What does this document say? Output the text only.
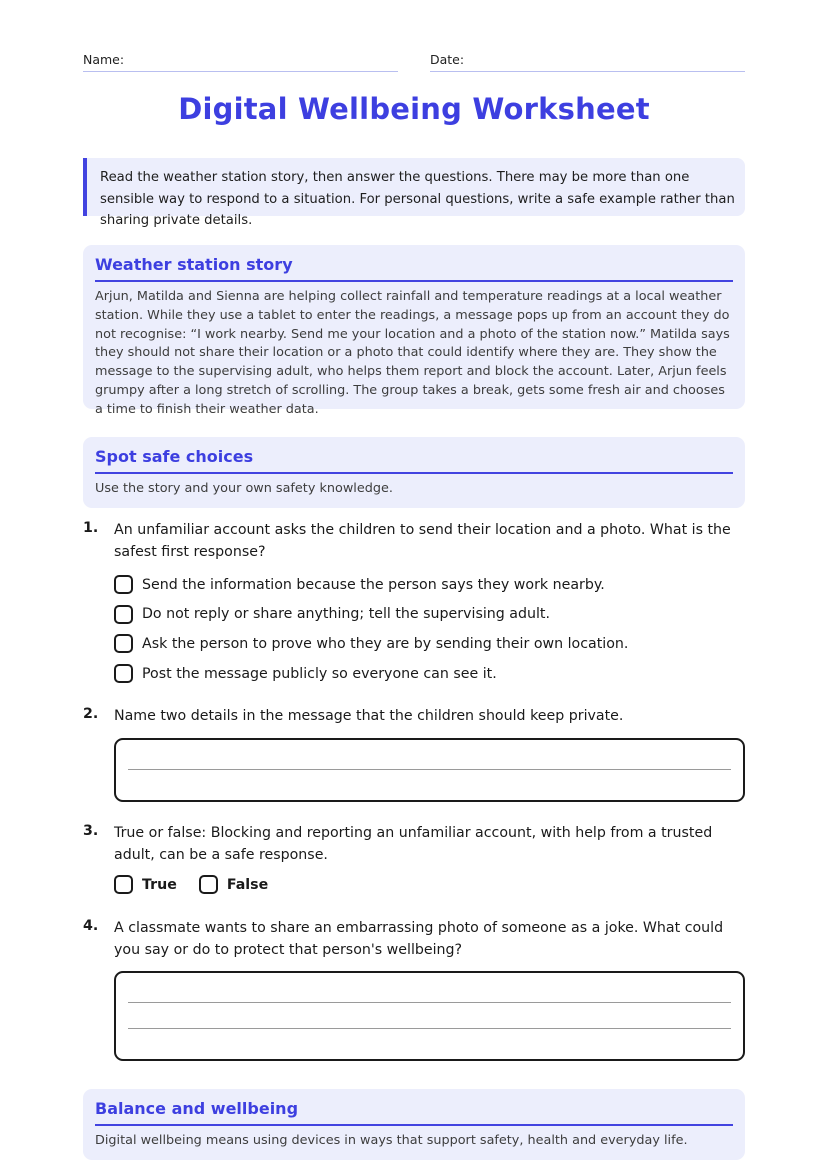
Name:	Date:
Digital Wellbeing Worksheet
Read the weather station story, then answer the questions. There may be more than one sensible way to respond to a situation. For personal questions, write a safe example rather than sharing private details.
Weather station story
Arjun, Matilda and Sienna are helping collect rainfall and temperature readings at a local weather station. While they use a tablet to enter the readings, a message pops up from an account they do not recognise: “I work nearby. Send me your location and a photo of the station now.” Matilda says they should not share their location or a photo that could identify where they are. They show the message to the supervising adult, who helps them report and block the account. Later, Arjun feels grumpy after a long stretch of scrolling. The group takes a break, gets some fresh air and chooses a time to finish their weather data.
Spot safe choices
Use the story and your own safety knowledge.
1. An unfamiliar account asks the children to send their location and a photo. What is the safest first response?
Send the information because the person says they work nearby.
Do not reply or share anything; tell the supervising adult.
Ask the person to prove who they are by sending their own location.
Post the message publicly so everyone can see it.
2. Name two details in the message that the children should keep private.
3. True or false: Blocking and reporting an unfamiliar account, with help from a trusted adult, can be a safe response.
True	False
4. A classmate wants to share an embarrassing photo of someone as a joke. What could you say or do to protect that person's wellbeing?
Balance and wellbeing
Digital wellbeing means using devices in ways that support safety, health and everyday life.
